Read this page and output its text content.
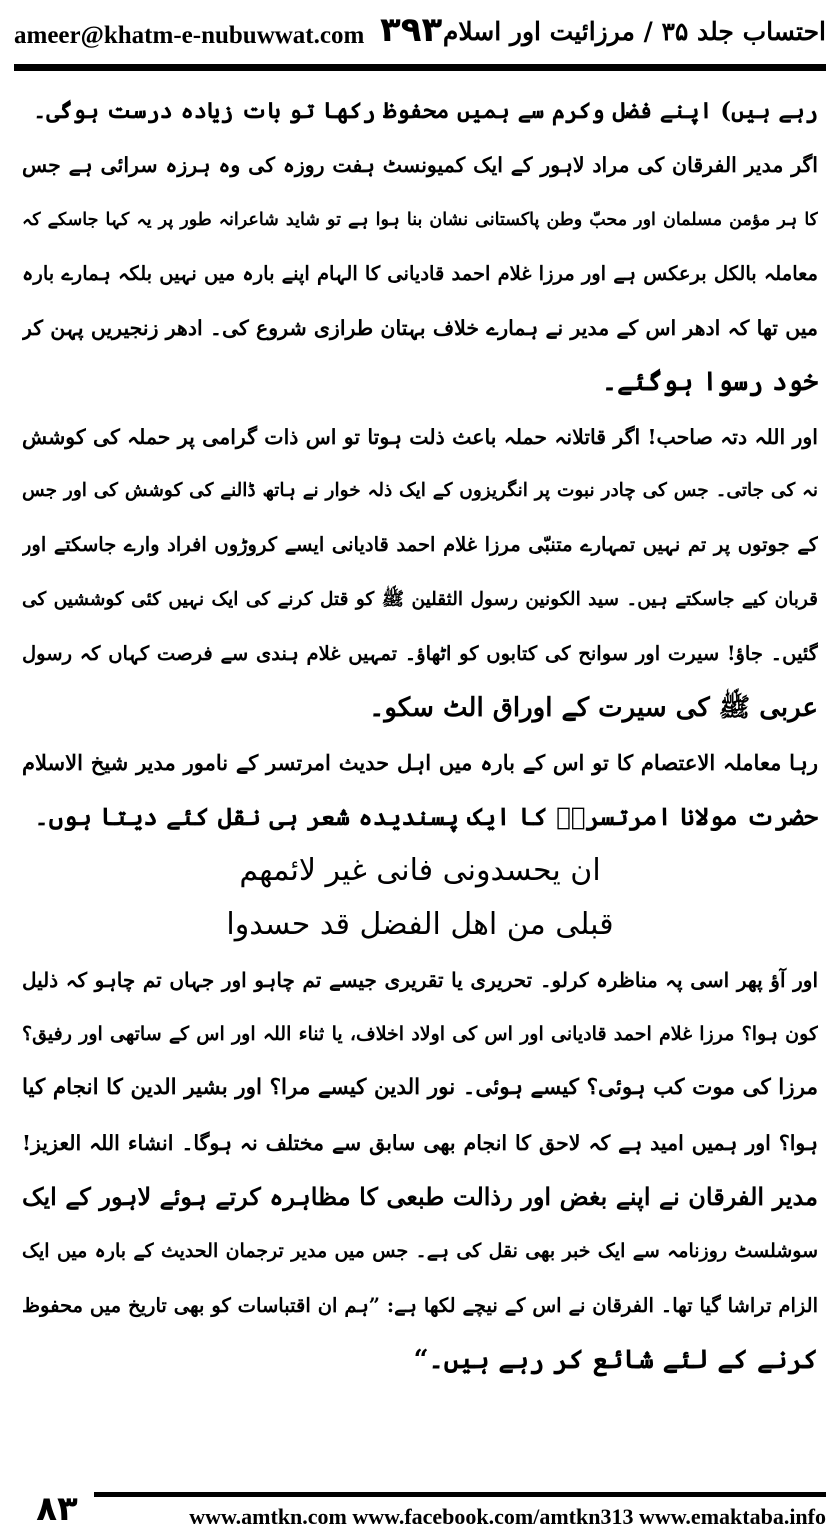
ameer@khatm-e-nubuwwat.com ۳۹۳ احتساب جلد ۳۵ / مرزائیت اور اسلام
رہے ہیں) اپنے فضل وکرم سے ہمیں محفوظ رکھا تو بات زیادہ درست ہوگی۔
اگر مدیر الفرقان کی مراد لاہور کے ایک کمیونسٹ ہفت روزہ کی وہ ہرزہ سرائی ہے جس
کا ہر مؤمن مسلمان اور محبّ وطن پاکستانی نشان بنا ہوا ہے تو شاید شاعرانہ طور پر یہ کہا جاسکے کہ
معاملہ بالکل برعکس ہے اور مرزا غلام احمد قادیانی کا الہام اپنے بارہ میں نہیں بلکہ ہمارے بارہ
میں تھا کہ ادھر اس کے مدیر نے ہمارے خلاف بہتان طرازی شروع کی۔ ادھر زنجیریں پہن کر
خود رسوا ہوگئے۔
اور اللہ دتہ صاحب! اگر قاتلانہ حملہ باعث ذلت ہوتا تو اس ذات گرامی پر حملہ کی کوشش
نہ کی جاتی۔ جس کی چادر نبوت پر انگریزوں کے ایک ذلہ خوار نے ہاتھ ڈالنے کی کوشش کی اور جس
کے جوتوں پر تم نہیں تمہارے متنبّی مرزا غلام احمد قادیانی ایسے کروڑوں افراد وارے جاسکتے اور
قربان کیے جاسکتے ہیں۔ سید الکونین رسول الثقلین ﷺ کو قتل کرنے کی ایک نہیں کئی کوششیں کی
گئیں۔ جاؤ! سیرت اور سوانح کی کتابوں کو اٹھاؤ۔ تمہیں غلام ہندی سے فرصت کہاں کہ رسول
عربی ﷺ کی سیرت کے اوراق الٹ سکو۔
رہا معاملہ الاعتصام کا تو اس کے بارہ میں اہل حدیث امرتسر کے نامور مدیر شیخ الاسلام
حضرت مولانا امرتسریؒ کا ایک پسندیدہ شعر ہی نقل کئے دیتا ہوں۔
ان یحسدونی فانی غیر لائمھم
قبلی من اھل الفضل قد حسدوا
اور آؤ پھر اسی پہ مناظرہ کرلو۔ تحریری یا تقریری جیسے تم چاہو اور جہاں تم چاہو کہ ذلیل
کون ہوا؟ مرزا غلام احمد قادیانی اور اس کی اولاد اخلاف، یا ثناء اللہ اور اس کے ساتھی اور رفیق؟
مرزا کی موت کب ہوئی؟ کیسے ہوئی۔ نور الدین کیسے مرا؟ اور بشیر الدین کا انجام کیا
ہوا؟ اور ہمیں امید ہے کہ لاحق کا انجام بھی سابق سے مختلف نہ ہوگا۔ انشاء اللہ العزیز!
مدیر الفرقان نے اپنے بغض اور رذالت طبعی کا مظاہرہ کرتے ہوئے لاہور کے ایک
سوشلسٹ روزنامہ سے ایک خبر بھی نقل کی ہے۔ جس میں مدیر ترجمان الحدیث کے بارہ میں ایک
الزام تراشا گیا تھا۔ الفرقان نے اس کے نیچے لکھا ہے: ”ہم ان اقتباسات کو بھی تاریخ میں محفوظ
کرنے کے لئے شائع کر رہے ہیں۔“
۸۳	www.amtkn.com www.facebook.com/amtkn313 www.emaktaba.info
